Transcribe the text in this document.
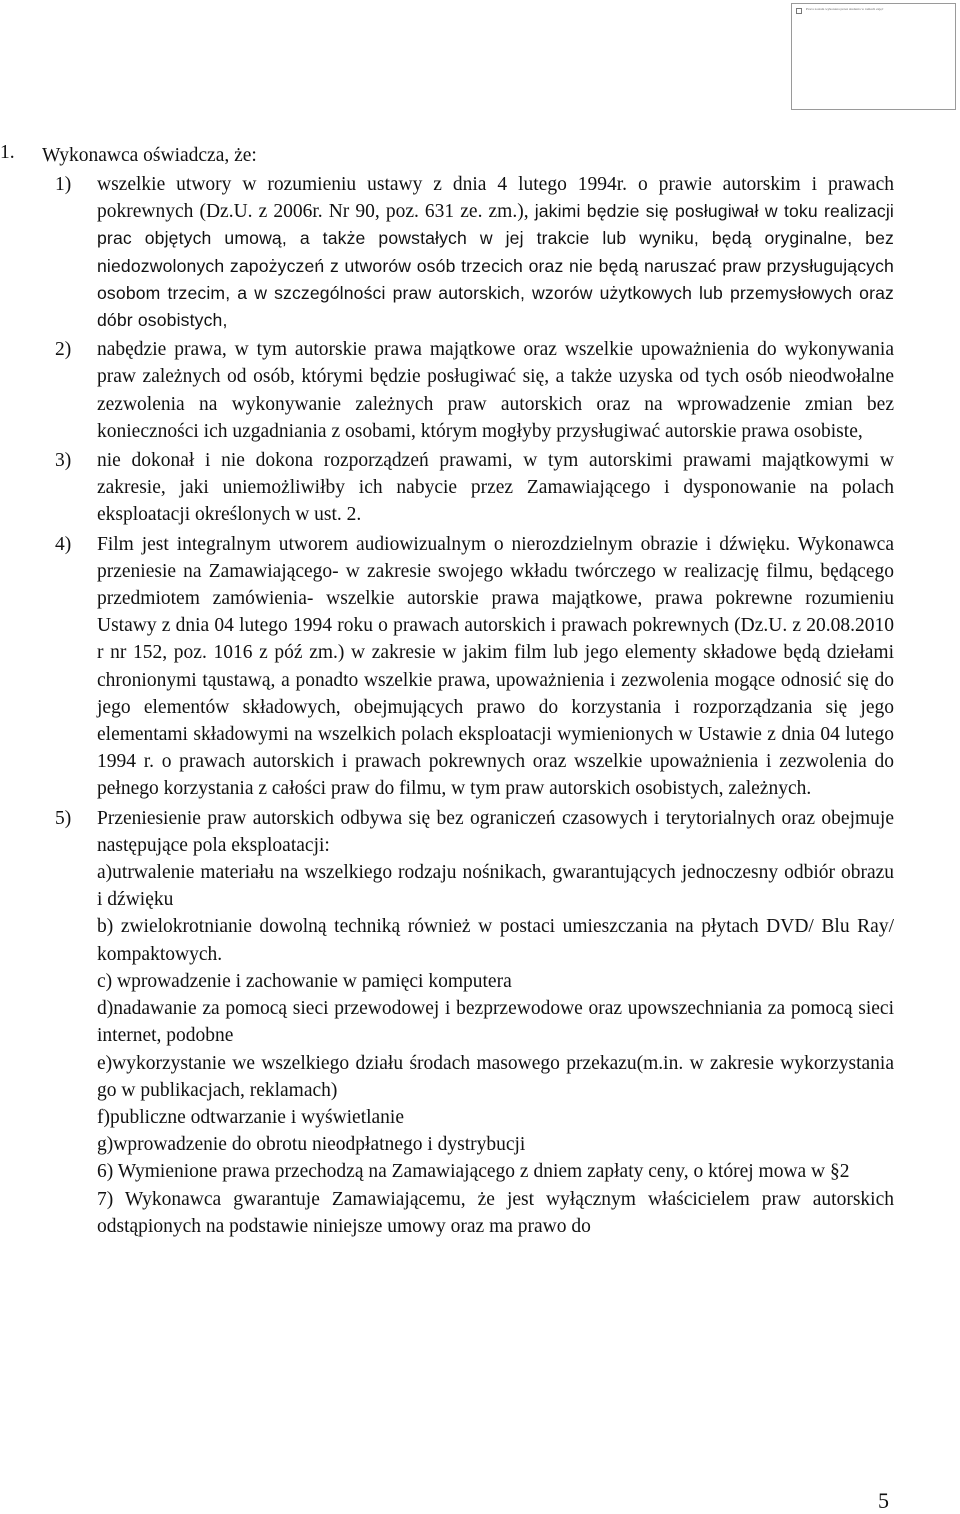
Praca została wykonana przez studenta w ramach zajęć
1. Wykonawca oświadcza, że:
1) wszelkie utwory w rozumieniu ustawy z dnia 4 lutego 1994r. o prawie autorskim i prawach pokrewnych (Dz.U. z 2006r. Nr 90, poz. 631 ze. zm.), jakimi będzie się posługiwał w toku realizacji prac objętych umową, a także powstałych w jej trakcie lub wyniku, będą oryginalne, bez niedozwolonych zapożyczeń z utworów osób trzecich oraz nie będą naruszać praw przysługujących osobom trzecim, a w szczególności praw autorskich, wzorów użytkowych lub przemysłowych oraz dóbr osobistych,
2) nabędzie prawa, w tym autorskie prawa majątkowe oraz wszelkie upoważnienia do wykonywania praw zależnych od osób, którymi będzie posługiwać się, a także uzyska od tych osób nieodwołalne zezwolenia na wykonywanie zależnych praw autorskich oraz na wprowadzenie zmian bez konieczności ich uzgadniania z osobami, którym mogłyby przysługiwać autorskie prawa osobiste,
3) nie dokonał i nie dokona rozporządzeń prawami, w tym autorskimi prawami majątkowymi w zakresie, jaki uniemożliwiłby ich nabycie przez Zamawiającego i dysponowanie na polach eksploatacji określonych w ust. 2.
4) Film jest integralnym utworem audiowizualnym o nierozdzielnym obrazie i dźwięku. Wykonawca przeniesie na Zamawiającego- w zakresie swojego wkładu twórczego w realizację filmu, będącego przedmiotem zamówienia- wszelkie autorskie prawa majątkowe, prawa pokrewne rozumieniu Ustawy z dnia 04 lutego 1994 roku o prawach autorskich i prawach pokrewnych (Dz.U. z 20.08.2010 r nr 152, poz. 1016 z póź zm.) w zakresie w jakim film lub jego elementy składowe będą dziełami chronionymi tąustawą, a ponadto wszelkie prawa, upoważnienia i zezwolenia mogące odnosić się do jego elementów składowych, obejmujących prawo do korzystania i rozporządzania się jego elementami składowymi na wszelkich polach eksploatacji wymienionych w Ustawie z dnia 04 lutego 1994 r. o prawach autorskich i prawach pokrewnych oraz wszelkie upoważnienia i zezwolenia do pełnego korzystania z całości praw do filmu, w tym praw autorskich osobistych, zależnych.
5) Przeniesienie praw autorskich odbywa się bez ograniczeń czasowych i terytorialnych oraz obejmuje następujące pola eksploatacji:
a)utrwalenie materiału na wszelkiego rodzaju nośnikach, gwarantujących jednoczesny odbiór obrazu i dźwięku
b) zwielokrotnianie dowolną techniką również w postaci umieszczania na płytach DVD/ Blu Ray/ kompaktowych.
c) wprowadzenie i zachowanie w pamięci komputera
d)nadawanie za pomocą sieci przewodowej i bezprzewodowe oraz upowszechniania za pomocą sieci internet, podobne
e)wykorzystanie we wszelkiego działu środach masowego przekazu(m.in. w zakresie wykorzystania go w publikacjach, reklamach)
f)publiczne odtwarzanie i wyświetlanie
g)wprowadzenie do obrotu nieodpłatnego i dystrybucji
6) Wymienione prawa przechodzą na Zamawiającego z dniem zapłaty ceny, o której mowa w §2
7) Wykonawca gwarantuje Zamawiającemu, że jest wyłącznym właścicielem praw autorskich odstąpionych na podstawie niniejsze umowy oraz ma prawo do
5
